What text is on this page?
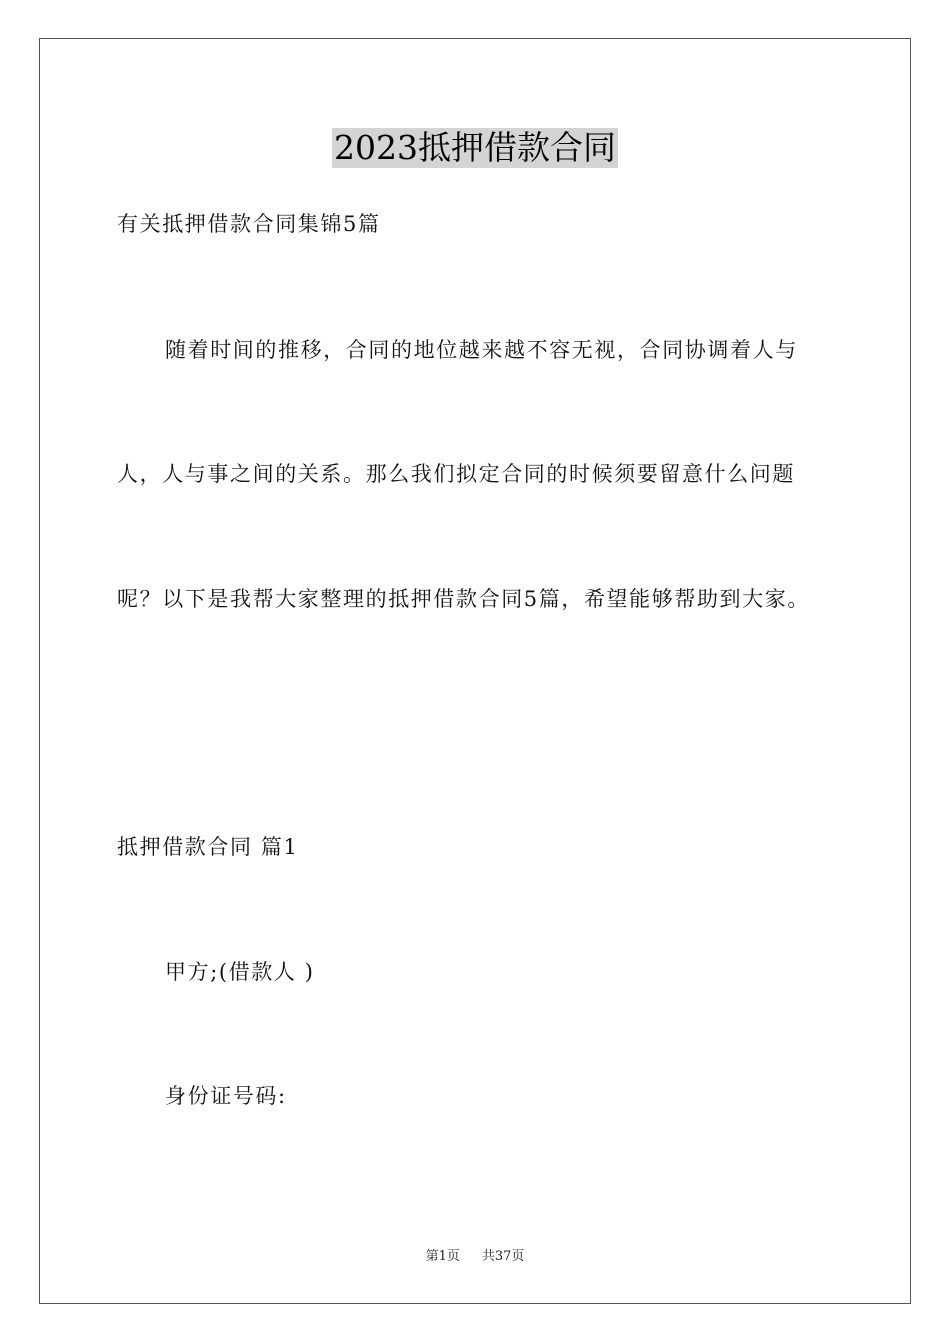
2023抵押借款合同
有关抵押借款合同集锦5篇
随着时间的推移，合同的地位越来越不容无视，合同协调着人与
人，人与事之间的关系。那么我们拟定合同的时候须要留意什么问题
呢？以下是我帮大家整理的抵押借款合同5篇，希望能够帮助到大家。
抵押借款合同 篇1
甲方;(借款人 )
身份证号码:
第1页 共37页
